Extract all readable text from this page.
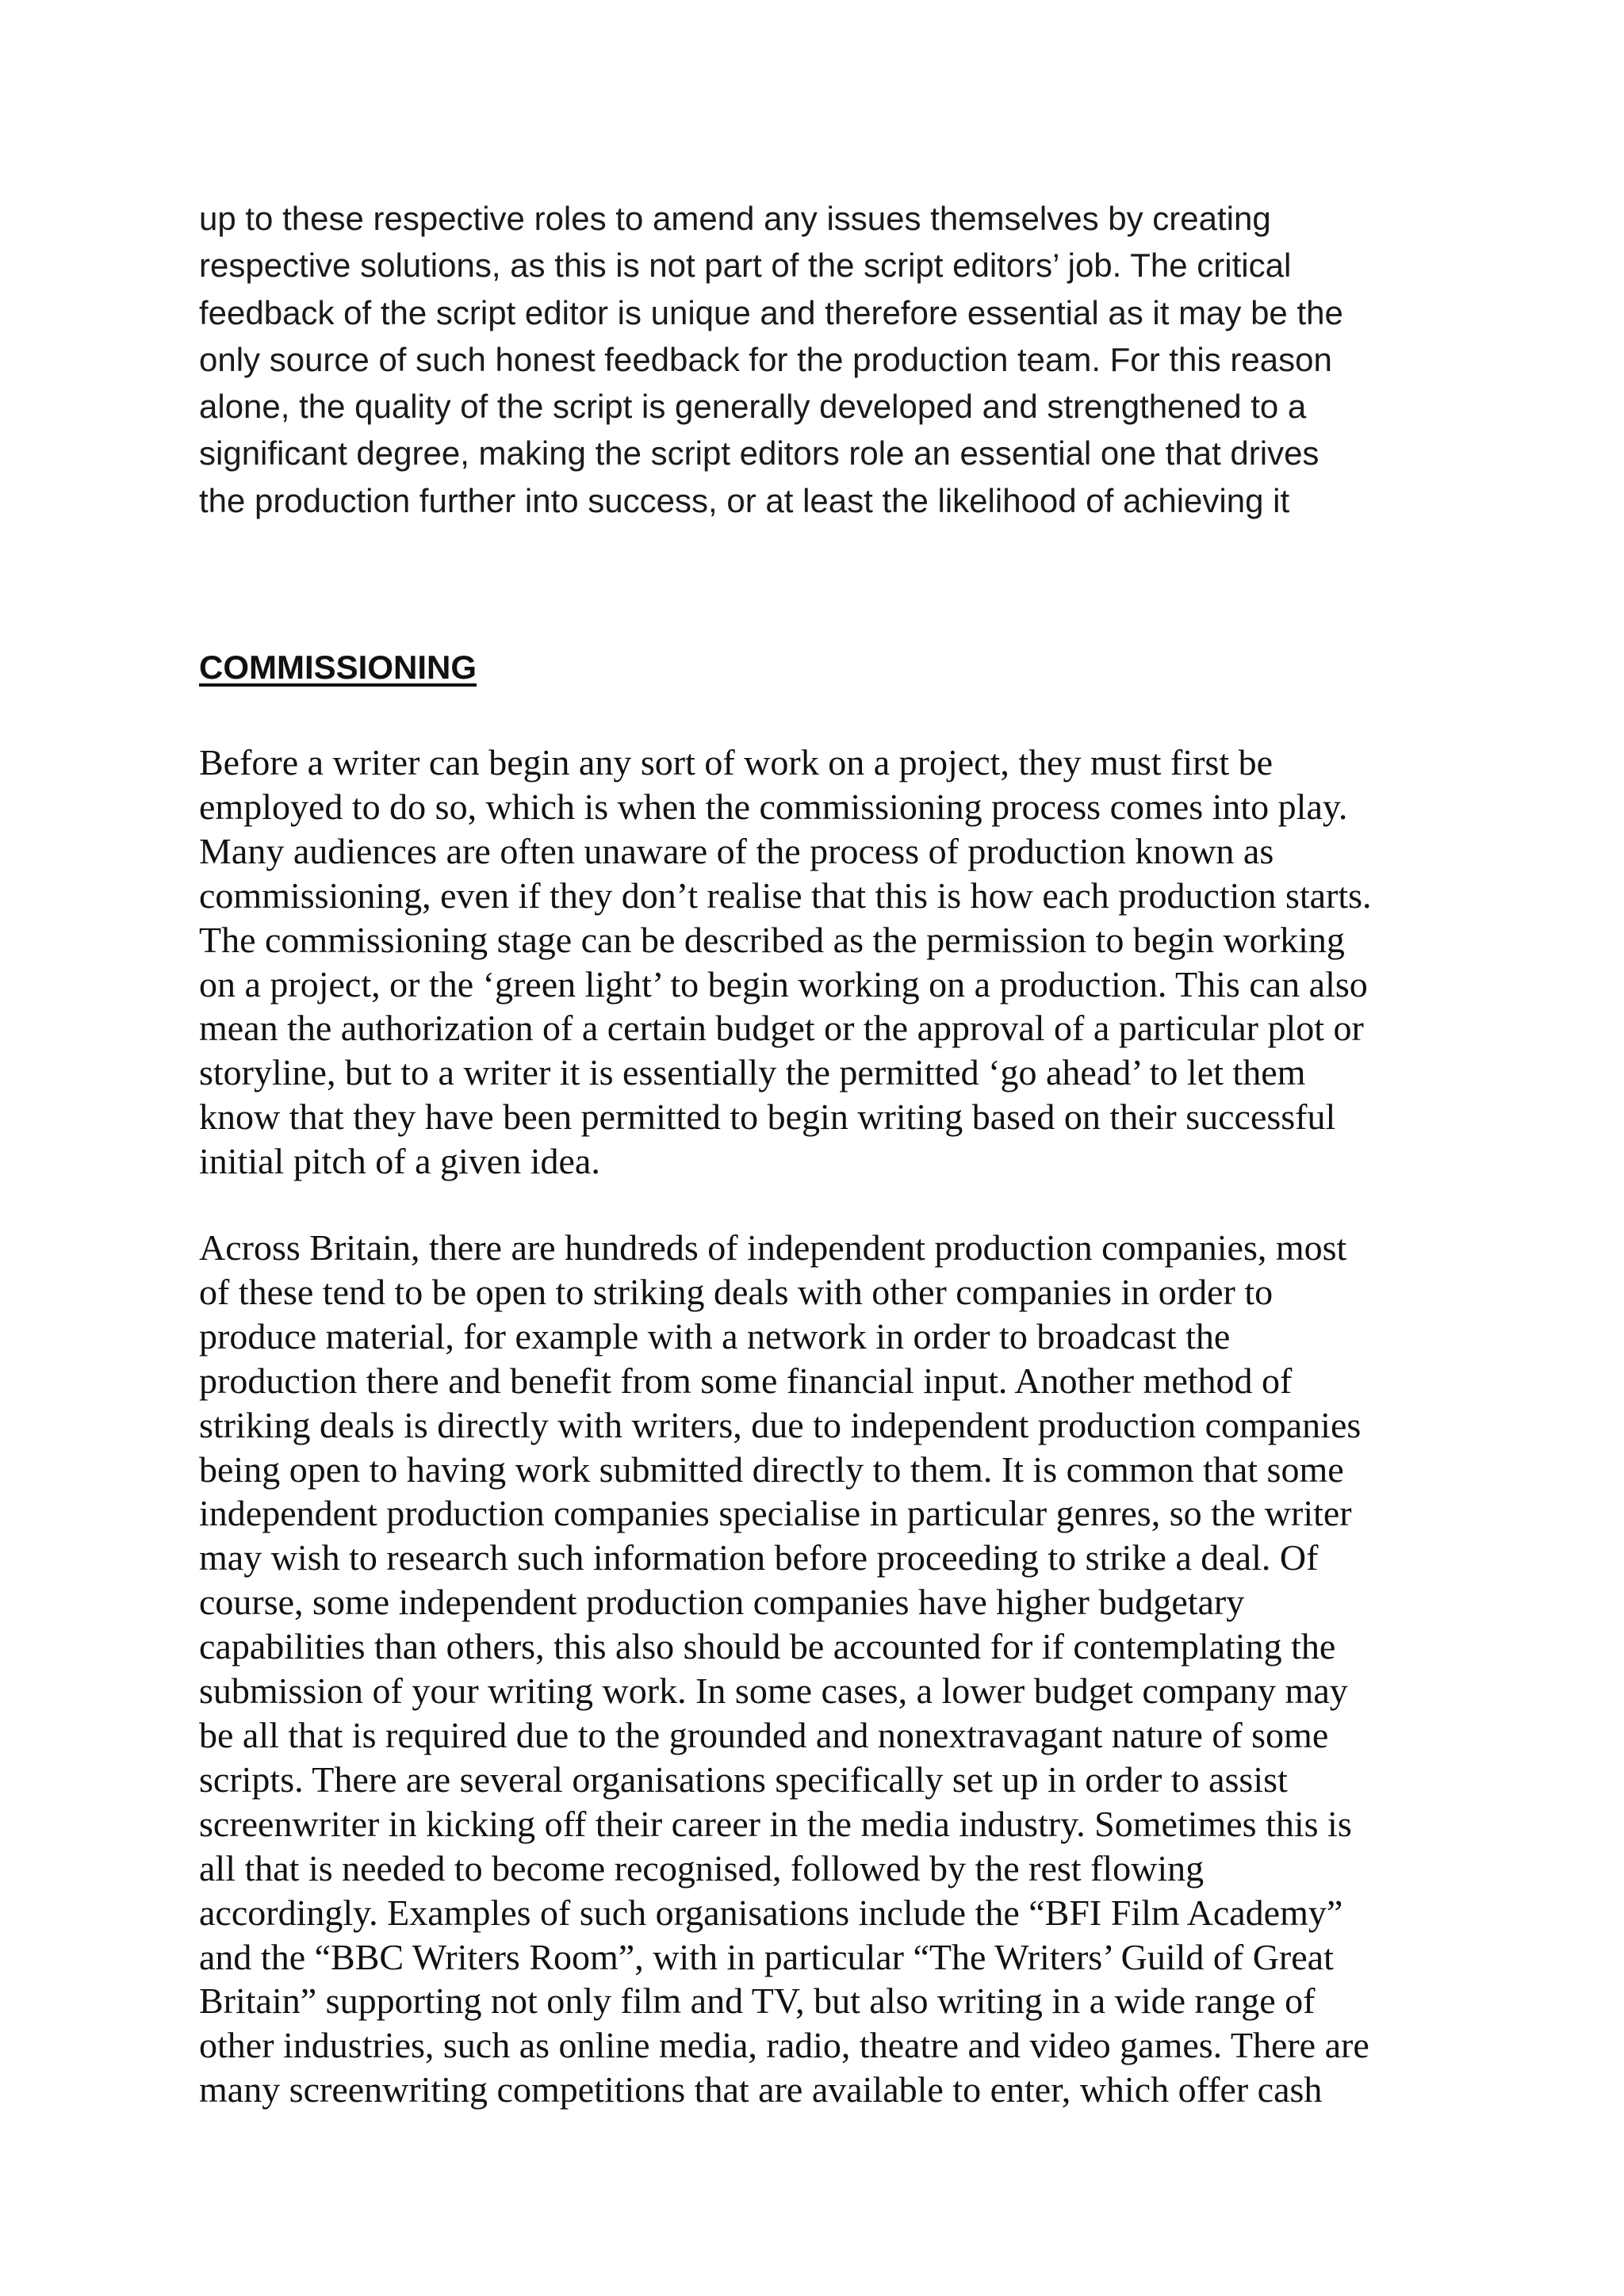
up to these respective roles to amend any issues themselves by creating
respective solutions, as this is not part of the script editors’ job. The critical
feedback of the script editor is unique and therefore essential as it may be the
only source of such honest feedback for the production team. For this reason
alone, the quality of the script is generally developed and strengthened to a
significant degree, making the script editors role an essential one that drives
the production further into success, or at least the likelihood of achieving it

COMMISSIONING

Before a writer can begin any sort of work on a project, they must first be
employed to do so, which is when the commissioning process comes into play.
Many audiences are often unaware of the process of production known as
commissioning, even if they don’t realise that this is how each production starts.
The commissioning stage can be described as the permission to begin working
on a project, or the ‘green light’ to begin working on a production. This can also
mean the authorization of a certain budget or the approval of a particular plot or
storyline, but to a writer it is essentially the permitted ‘go ahead’ to let them
know that they have been permitted to begin writing based on their successful
initial pitch of a given idea.

Across Britain, there are hundreds of independent production companies, most
of these tend to be open to striking deals with other companies in order to
produce material, for example with a network in order to broadcast the
production there and benefit from some financial input. Another method of
striking deals is directly with writers, due to independent production companies
being open to having work submitted directly to them. It is common that some
independent production companies specialise in particular genres, so the writer
may wish to research such information before proceeding to strike a deal. Of
course, some independent production companies have higher budgetary
capabilities than others, this also should be accounted for if contemplating the
submission of your writing work. In some cases, a lower budget company may
be all that is required due to the grounded and nonextravagant nature of some
scripts. There are several organisations specifically set up in order to assist
screenwriter in kicking off their career in the media industry. Sometimes this is
all that is needed to become recognised, followed by the rest flowing
accordingly. Examples of such organisations include the “BFI Film Academy”
and the “BBC Writers Room”, with in particular “The Writers’ Guild of Great
Britain” supporting not only film and TV, but also writing in a wide range of
other industries, such as online media, radio, theatre and video games. There are
many screenwriting competitions that are available to enter, which offer cash
